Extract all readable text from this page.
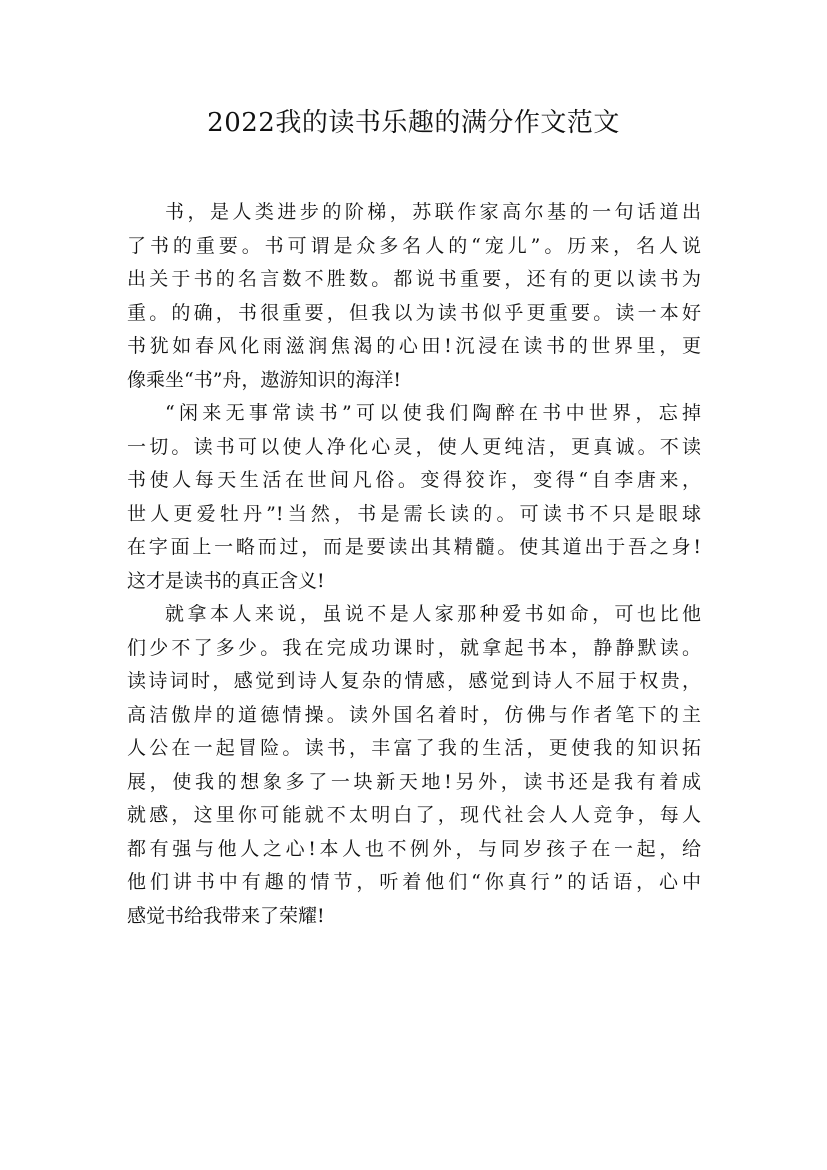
2022我的读书乐趣的满分作文范文
书，是人类进步的阶梯，苏联作家高尔基的一句话道出
了书的重要。书可谓是众多名人的“宠儿”。历来，名人说
出关于书的名言数不胜数。都说书重要，还有的更以读书为
重。的确，书很重要，但我以为读书似乎更重要。读一本好
书犹如春风化雨滋润焦渴的心田!沉浸在读书的世界里，更
像乘坐“书”舟，遨游知识的海洋!
“闲来无事常读书”可以使我们陶醉在书中世界，忘掉
一切。读书可以使人净化心灵，使人更纯洁，更真诚。不读
书使人每天生活在世间凡俗。变得狡诈，变得“自李唐来，
世人更爱牡丹”!当然，书是需长读的。可读书不只是眼球
在字面上一略而过，而是要读出其精髓。使其道出于吾之身!
这才是读书的真正含义!
就拿本人来说，虽说不是人家那种爱书如命，可也比他
们少不了多少。我在完成功课时，就拿起书本，静静默读。
读诗词时，感觉到诗人复杂的情感，感觉到诗人不屈于权贵，
高洁傲岸的道德情操。读外国名着时，仿佛与作者笔下的主
人公在一起冒险。读书，丰富了我的生活，更使我的知识拓
展，使我的想象多了一块新天地!另外，读书还是我有着成
就感，这里你可能就不太明白了，现代社会人人竞争，每人
都有强与他人之心!本人也不例外，与同岁孩子在一起，给
他们讲书中有趣的情节，听着他们“你真行”的话语，心中
感觉书给我带来了荣耀!
